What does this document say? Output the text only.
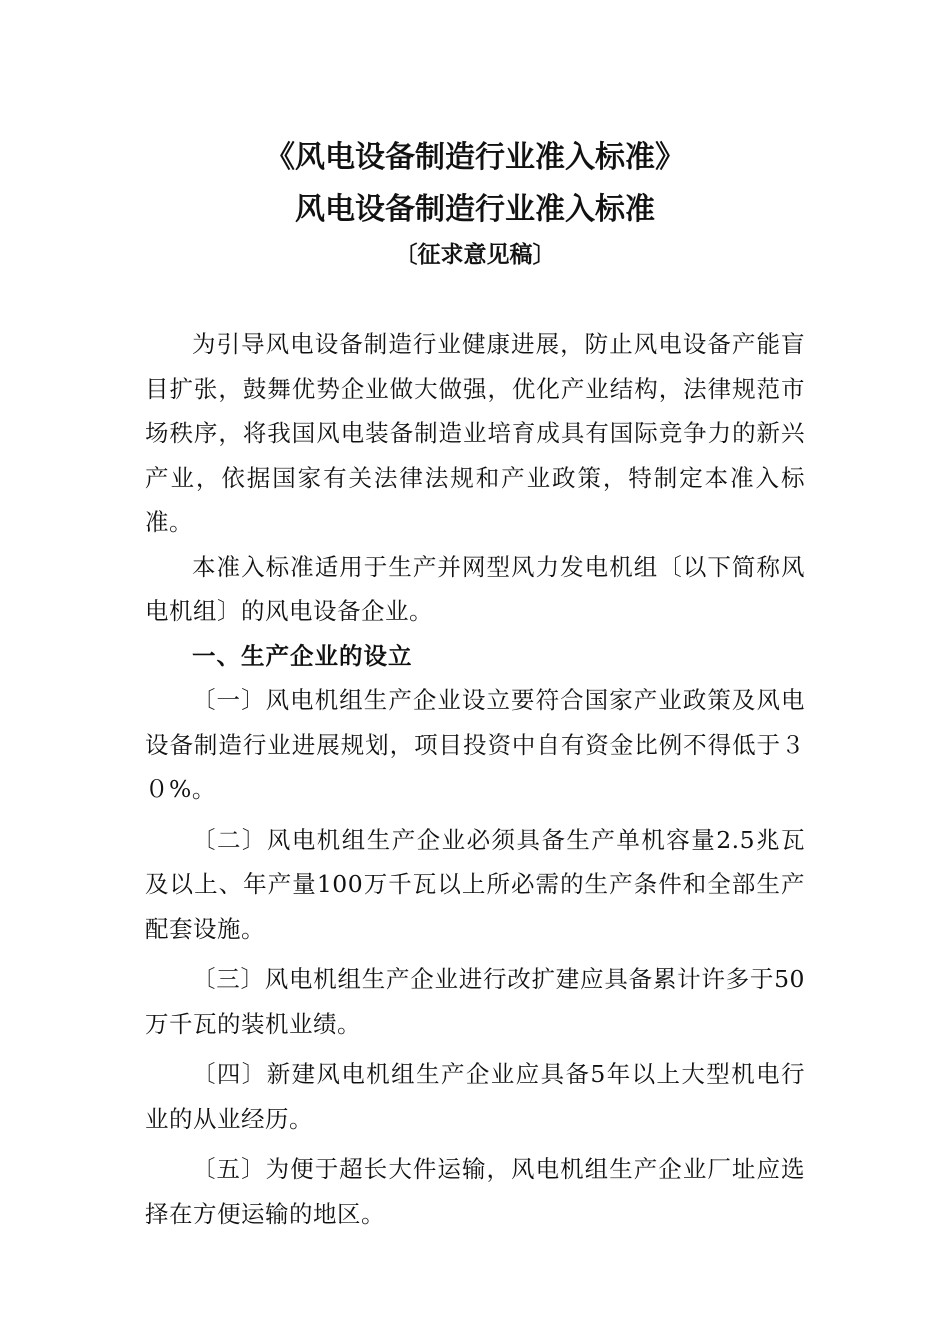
《风电设备制造行业准入标准》
风电设备制造行业准入标准
〔征求意见稿〕

为引导风电设备制造行业健康进展，防止风电设备产能盲目扩张，鼓舞优势企业做大做强，优化产业结构，法律规范市场秩序，将我国风电装备制造业培育成具有国际竞争力的新兴产业，依据国家有关法律法规和产业政策，特制定本准入标准。

本准入标准适用于生产并网型风力发电机组〔以下简称风电机组〕的风电设备企业。

一、生产企业的设立

〔一〕风电机组生产企业设立要符合国家产业政策及风电设备制造行业进展规划，项目投资中自有资金比例不得低于３０%。

〔二〕风电机组生产企业必须具备生产单机容量2.5兆瓦及以上、年产量100万千瓦以上所必需的生产条件和全部生产配套设施。

〔三〕风电机组生产企业进行改扩建应具备累计许多于50万千瓦的装机业绩。

〔四〕新建风电机组生产企业应具备5年以上大型机电行业的从业经历。

〔五〕为便于超长大件运输，风电机组生产企业厂址应选择在方便运输的地区。
